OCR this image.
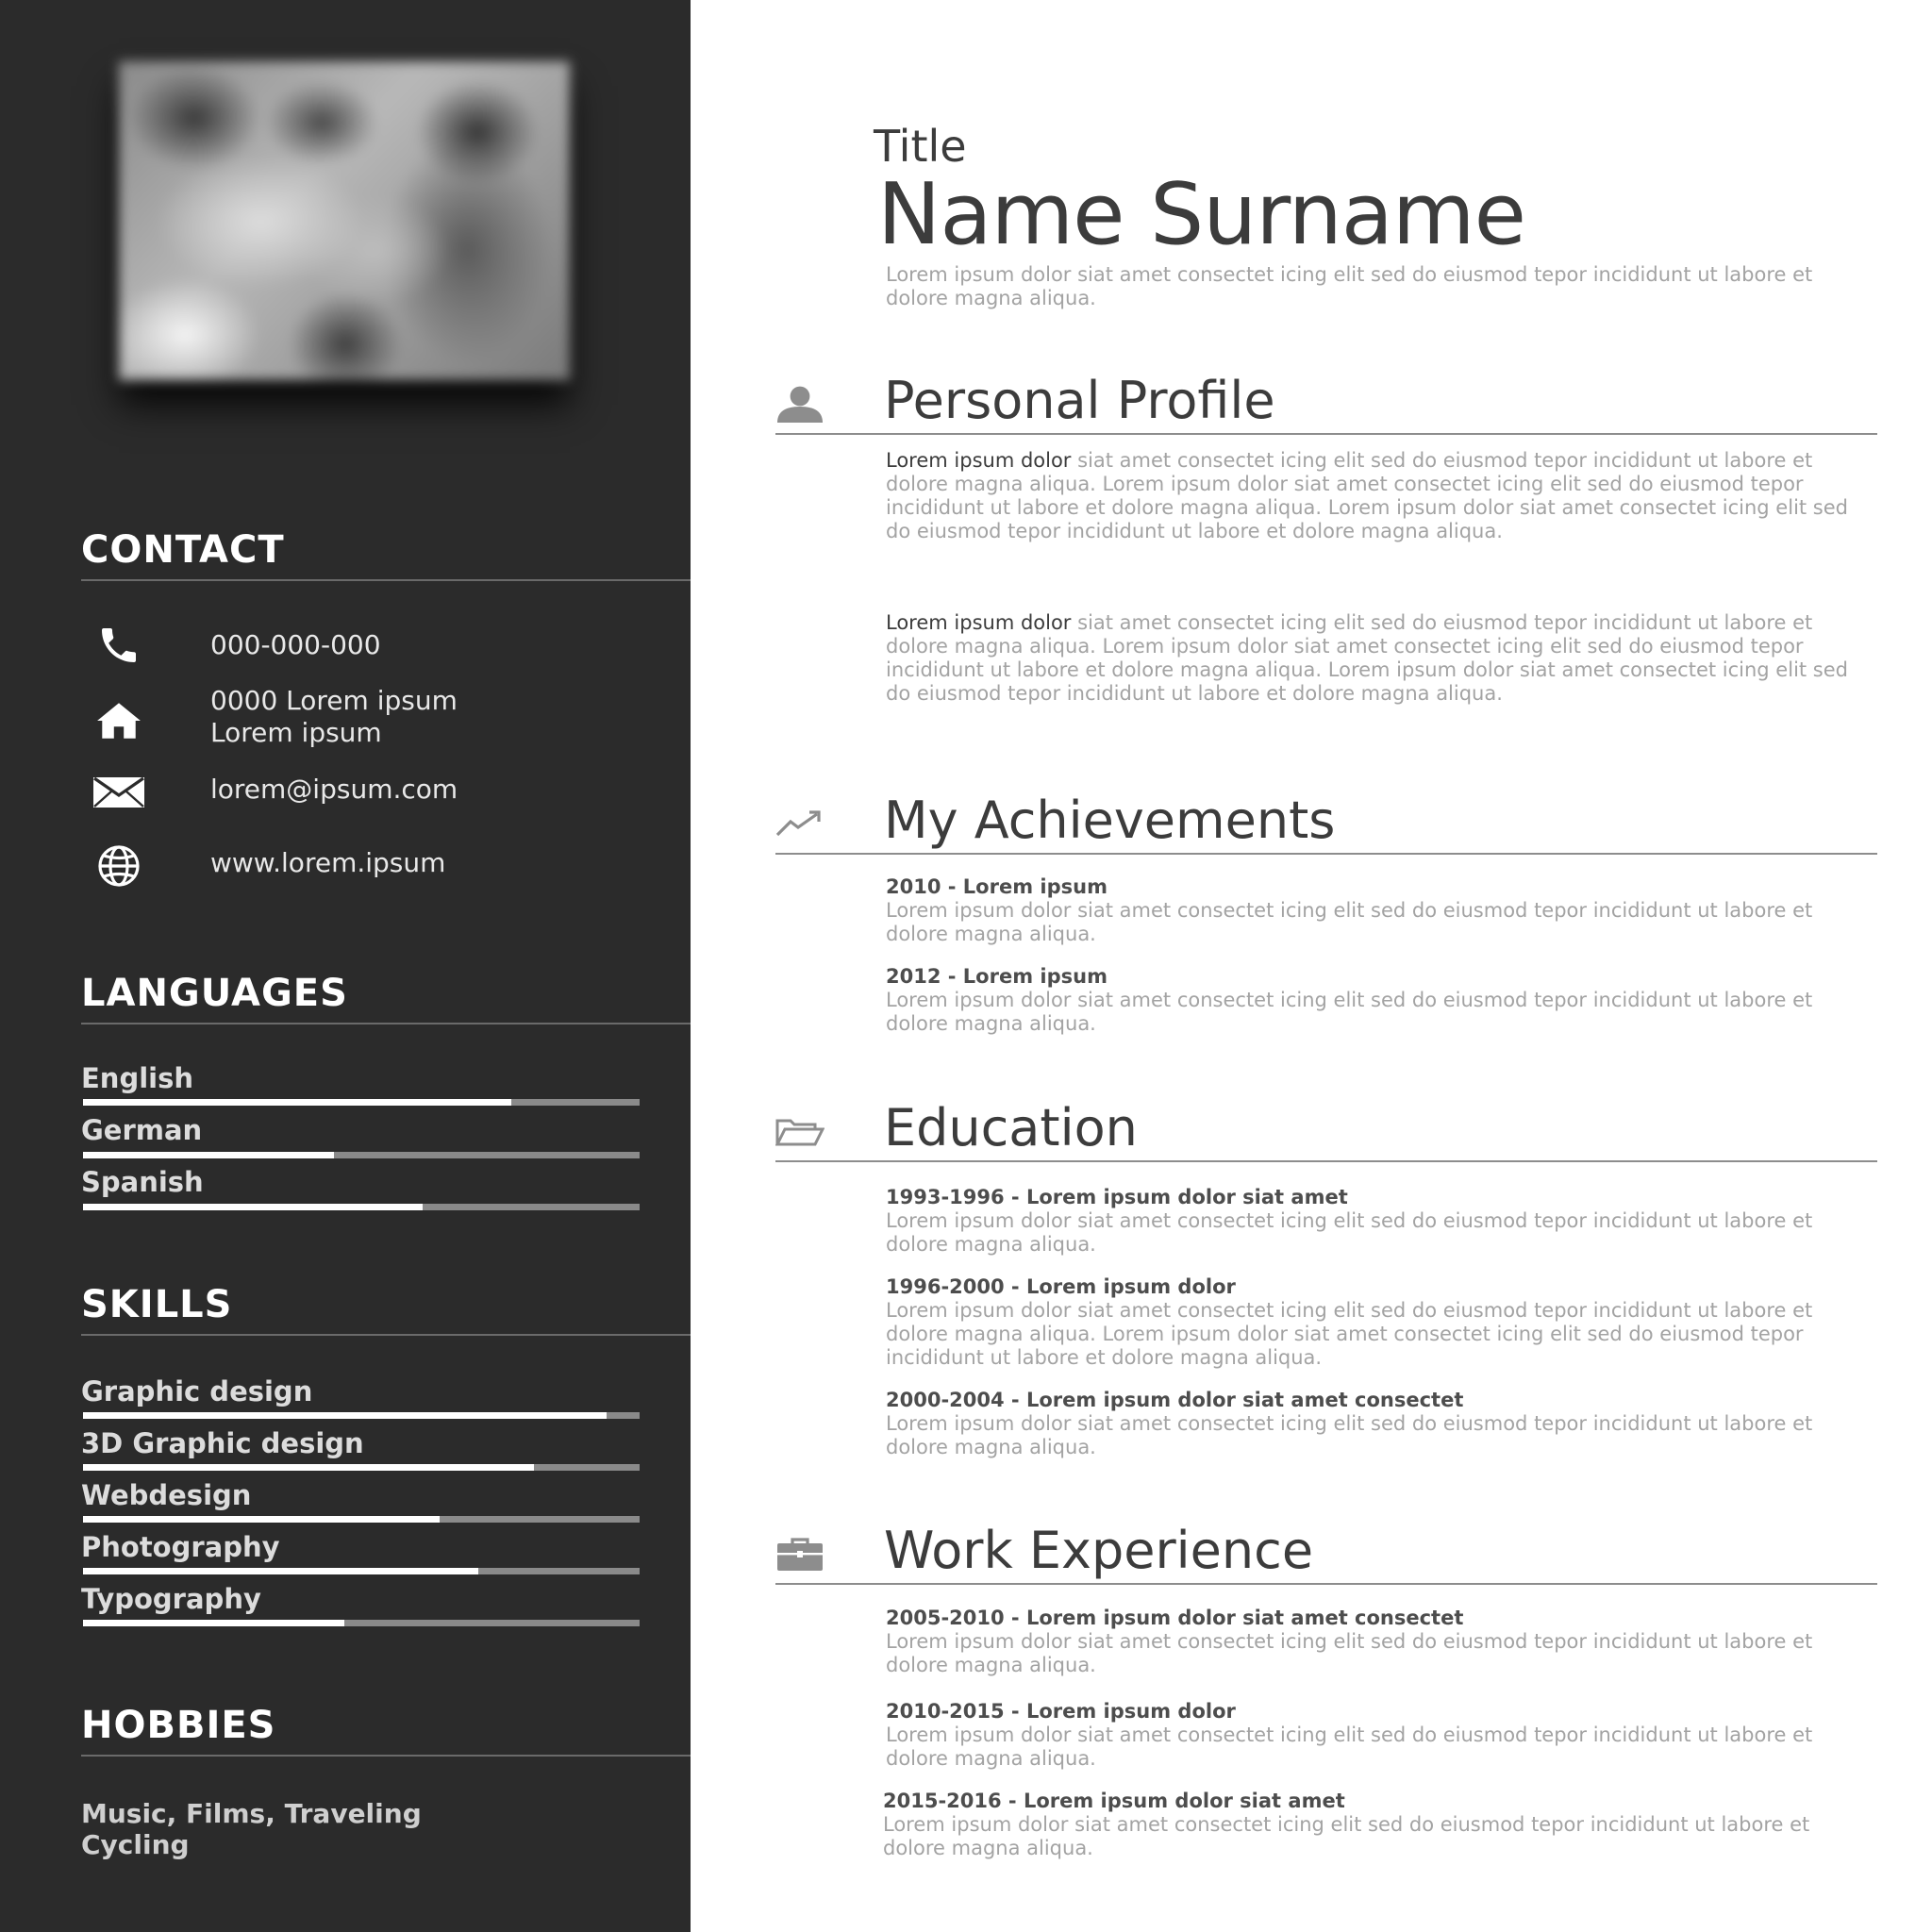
CONTACT
000-000-000
0000 Lorem ipsum
Lorem ipsum
lorem@ipsum.com
www.lorem.ipsum
LANGUAGES
English
German
Spanish
SKILLS
Graphic design
3D Graphic design
Webdesign
Photography
Typography
HOBBIES
Music, Films, Traveling
Cycling
Title
Name Surname
Lorem ipsum dolor siat amet consectet icing elit sed do eiusmod tepor incididunt ut labore et dolore magna aliqua.
Personal Profile
Lorem ipsum dolor siat amet consectet icing elit sed do eiusmod tepor incididunt ut labore et dolore magna aliqua. Lorem ipsum dolor siat amet consectet icing elit sed do eiusmod tepor incididunt ut labore et dolore magna aliqua. Lorem ipsum dolor siat amet consectet icing elit sed do eiusmod tepor incididunt ut labore et dolore magna aliqua.
Lorem ipsum dolor siat amet consectet icing elit sed do eiusmod tepor incididunt ut labore et dolore magna aliqua. Lorem ipsum dolor siat amet consectet icing elit sed do eiusmod tepor incididunt ut labore et dolore magna aliqua. Lorem ipsum dolor siat amet consectet icing elit sed do eiusmod tepor incididunt ut labore et dolore magna aliqua.
My Achievements
2010 - Lorem ipsum
Lorem ipsum dolor siat amet consectet icing elit sed do eiusmod tepor incididunt ut labore et dolore magna aliqua.
2012 - Lorem ipsum
Lorem ipsum dolor siat amet consectet icing elit sed do eiusmod tepor incididunt ut labore et dolore magna aliqua.
Education
1993-1996 - Lorem ipsum dolor siat amet
Lorem ipsum dolor siat amet consectet icing elit sed do eiusmod tepor incididunt ut labore et dolore magna aliqua.
1996-2000 - Lorem ipsum dolor
Lorem ipsum dolor siat amet consectet icing elit sed do eiusmod tepor incididunt ut labore et dolore magna aliqua. Lorem ipsum dolor siat amet consectet icing elit sed do eiusmod tepor incididunt ut labore et dolore magna aliqua.
2000-2004 - Lorem ipsum dolor siat amet consectet
Lorem ipsum dolor siat amet consectet icing elit sed do eiusmod tepor incididunt ut labore et dolore magna aliqua.
Work Experience
2005-2010 - Lorem ipsum dolor siat amet consectet
Lorem ipsum dolor siat amet consectet icing elit sed do eiusmod tepor incididunt ut labore et dolore magna aliqua.
2010-2015 - Lorem ipsum dolor
Lorem ipsum dolor siat amet consectet icing elit sed do eiusmod tepor incididunt ut labore et dolore magna aliqua.
2015-2016 - Lorem ipsum dolor siat amet
Lorem ipsum dolor siat amet consectet icing elit sed do eiusmod tepor incididunt ut labore et dolore magna aliqua.
